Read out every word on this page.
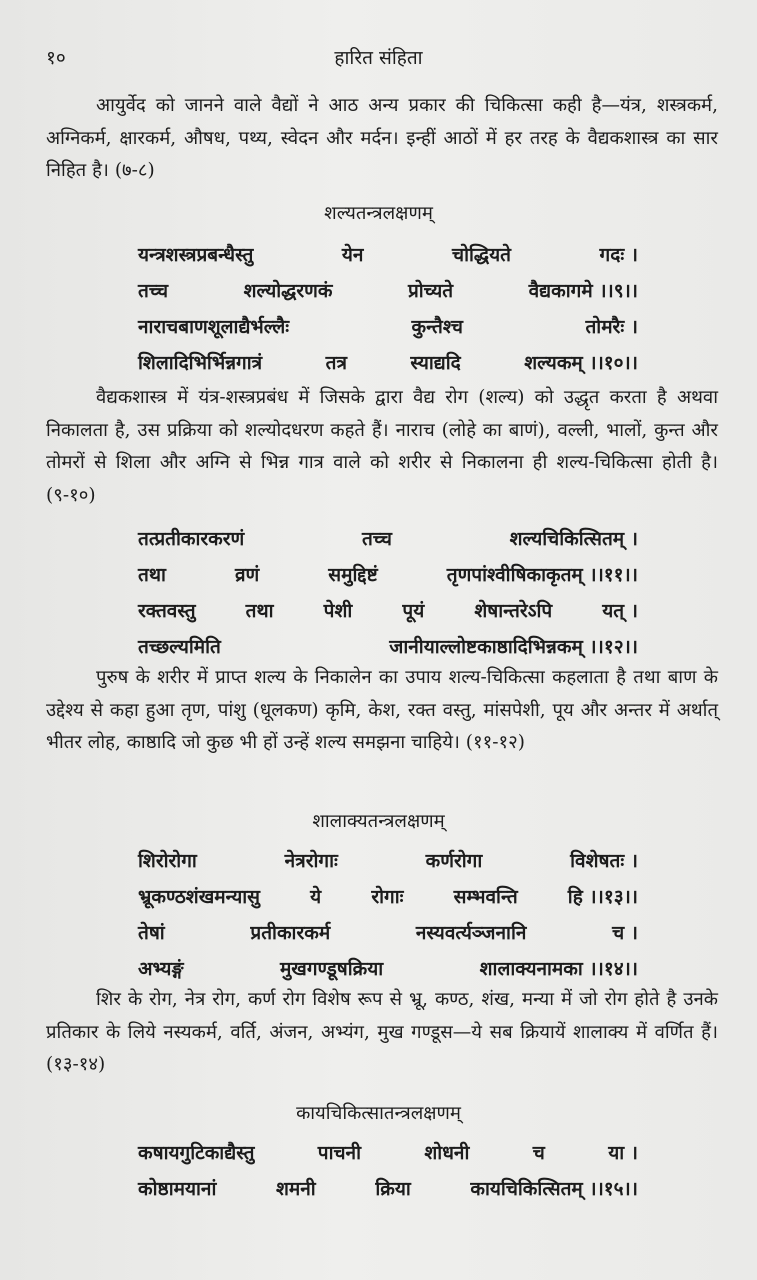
१०	हारित संहिता

आयुर्वेद को जानने वाले वैद्यों ने आठ अन्य प्रकार की चिकित्सा कही है—यंत्र, शस्त्रकर्म, अग्निकर्म, क्षारकर्म, औषध, पथ्य, स्वेदन और मर्दन। इन्हीं आठों में हर तरह के वैद्यकशास्त्र का सार निहित है। (७-८)

शल्यतन्त्रलक्षणम्

यन्त्रशस्त्रप्रबन्धैस्तु	येन	चोद्धियते	गदः ।
तच्च	शल्योद्धरणकं	प्रोच्यते	वैद्यकागमे ।।९।।
नाराचबाणशूलाद्यैर्भल्लैः	कुन्तैश्च	तोमरैः ।
शिलादिभिर्भिन्नगात्रं	तत्र	स्याद्यदि	शल्यकम् ।।१०।।

वैद्यकशास्त्र में यंत्र-शस्त्रप्रबंध में जिसके द्वारा वैद्य रोग (शल्य) को उद्धृत करता है अथवा निकालता है, उस प्रक्रिया को शल्योदधरण कहते हैं। नाराच (लोहे का बाणं), वल्ली, भालों, कुन्त और तोमरों से शिला और अग्नि से भिन्न गात्र वाले को शरीर से निकालना ही शल्य-चिकित्सा होती है। (९-१०)

तत्प्रतीकारकरणं	तच्च	शल्यचिकित्सितम् ।
तथा	व्रणं	समुद्दिष्टं	तृणपांश्वीषिकाकृतम् ।।११।।
रक्तवस्तु	तथा	पेशी	पूयं	शेषान्तरेऽपि	यत् ।
तच्छल्यमिति	जानीयाल्लोष्टकाष्ठादिभिन्नकम् ।।१२।।

पुरुष के शरीर में प्राप्त शल्य के निकालेन का उपाय शल्य-चिकित्सा कहलाता है तथा बाण के उद्देश्य से कहा हुआ तृण, पांशु (धूलकण) कृमि, केश, रक्त वस्तु, मांसपेशी, पूय और अन्तर में अर्थात् भीतर लोह, काष्ठादि जो कुछ भी हों उन्हें शल्य समझना चाहिये। (११-१२)

शालाक्यतन्त्रलक्षणम्

शिरोरोगा	नेत्ररोगाः	कर्णरोगा	विशेषतः ।
भ्रूकण्ठशंखमन्यासु	ये	रोगाः	सम्भवन्ति	हि ।।१३।।
तेषां	प्रतीकारकर्म	नस्यवर्त्यञ्जनानि	च ।
अभ्यङ्गं	मुखगण्डूषक्रिया	शालाक्यनामका ।।१४।।

शिर के रोग, नेत्र रोग, कर्ण रोग विशेष रूप से भ्रू, कण्ठ, शंख, मन्या में जो रोग होते है उनके प्रतिकार के लिये नस्यकर्म, वर्ति, अंजन, अभ्यंग, मुख गण्डूस—ये सब क्रियायें शालाक्य में वर्णित हैं। (१३-१४)

कायचिकित्सातन्त्रलक्षणम्

कषायगुटिकाद्यैस्तु	पाचनी	शोधनी	च	या ।
कोष्ठामयानां	शमनी	क्रिया	कायचिकित्सितम् ।।१५।।
